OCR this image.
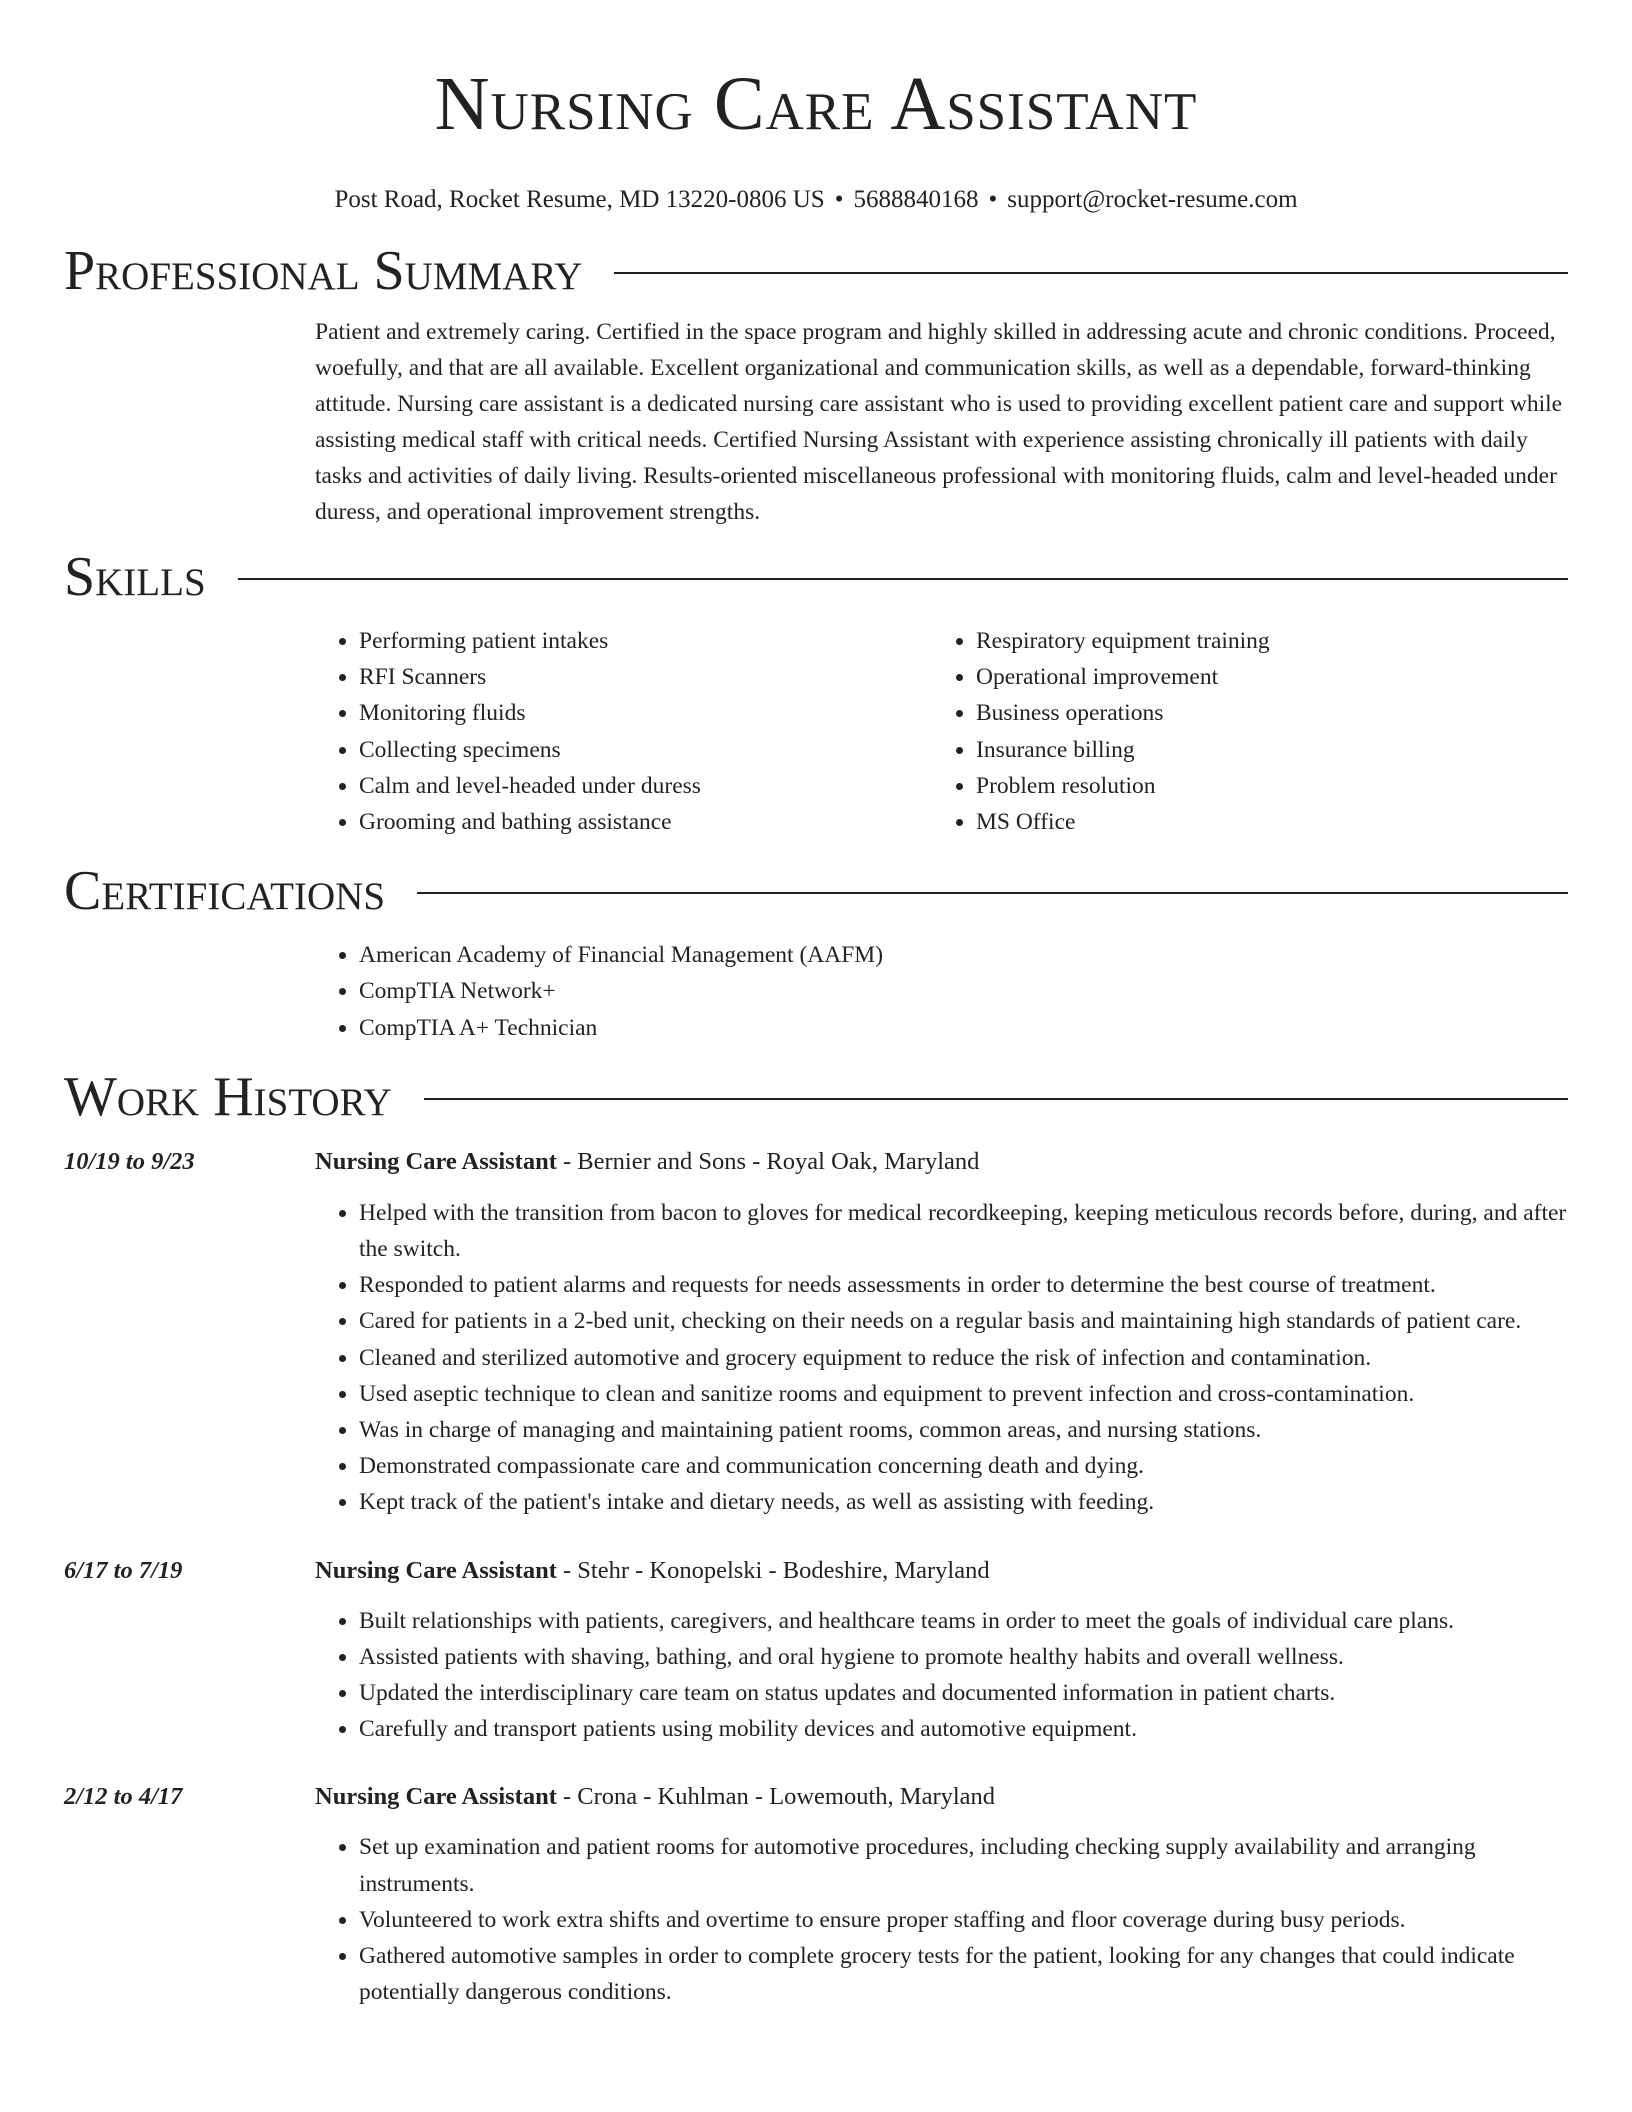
Nursing Care Assistant
Post Road, Rocket Resume, MD 13220-0806 US • 5688840168 • support@rocket-resume.com
Professional Summary

Patient and extremely caring. Certified in the space program and highly skilled in addressing acute and chronic conditions. Proceed, woefully, and that are all available. Excellent organizational and communication skills, as well as a dependable, forward-thinking attitude. Nursing care assistant is a dedicated nursing care assistant who is used to providing excellent patient care and support while assisting medical staff with critical needs. Certified Nursing Assistant with experience assisting chronically ill patients with daily tasks and activities of daily living. Results-oriented miscellaneous professional with monitoring fluids, calm and level-headed under duress, and operational improvement strengths.

Skills
• Performing patient intakes
• RFI Scanners
• Monitoring fluids
• Collecting specimens
• Calm and level-headed under duress
• Grooming and bathing assistance
• Respiratory equipment training
• Operational improvement
• Business operations
• Insurance billing
• Problem resolution
• MS Office
Certifications
• American Academy of Financial Management (AAFM)
• CompTIA Network+
• CompTIA A+ Technician
Work History
10/19 to 9/23	Nursing Care Assistant - Bernier and Sons - Royal Oak, Maryland
• Helped with the transition from bacon to gloves for medical recordkeeping, keeping meticulous records before, during, and after the switch.
• Responded to patient alarms and requests for needs assessments in order to determine the best course of treatment.
• Cared for patients in a 2-bed unit, checking on their needs on a regular basis and maintaining high standards of patient care.
• Cleaned and sterilized automotive and grocery equipment to reduce the risk of infection and contamination.
• Used aseptic technique to clean and sanitize rooms and equipment to prevent infection and cross-contamination.
• Was in charge of managing and maintaining patient rooms, common areas, and nursing stations.
• Demonstrated compassionate care and communication concerning death and dying.
• Kept track of the patient's intake and dietary needs, as well as assisting with feeding.
6/17 to 7/19	Nursing Care Assistant - Stehr - Konopelski - Bodeshire, Maryland
• Built relationships with patients, caregivers, and healthcare teams in order to meet the goals of individual care plans.
• Assisted patients with shaving, bathing, and oral hygiene to promote healthy habits and overall wellness.
• Updated the interdisciplinary care team on status updates and documented information in patient charts.
• Carefully and transport patients using mobility devices and automotive equipment.
2/12 to 4/17	Nursing Care Assistant - Crona - Kuhlman - Lowemouth, Maryland
• Set up examination and patient rooms for automotive procedures, including checking supply availability and arranging instruments.
• Volunteered to work extra shifts and overtime to ensure proper staffing and floor coverage during busy periods.
• Gathered automotive samples in order to complete grocery tests for the patient, looking for any changes that could indicate potentially dangerous conditions.
